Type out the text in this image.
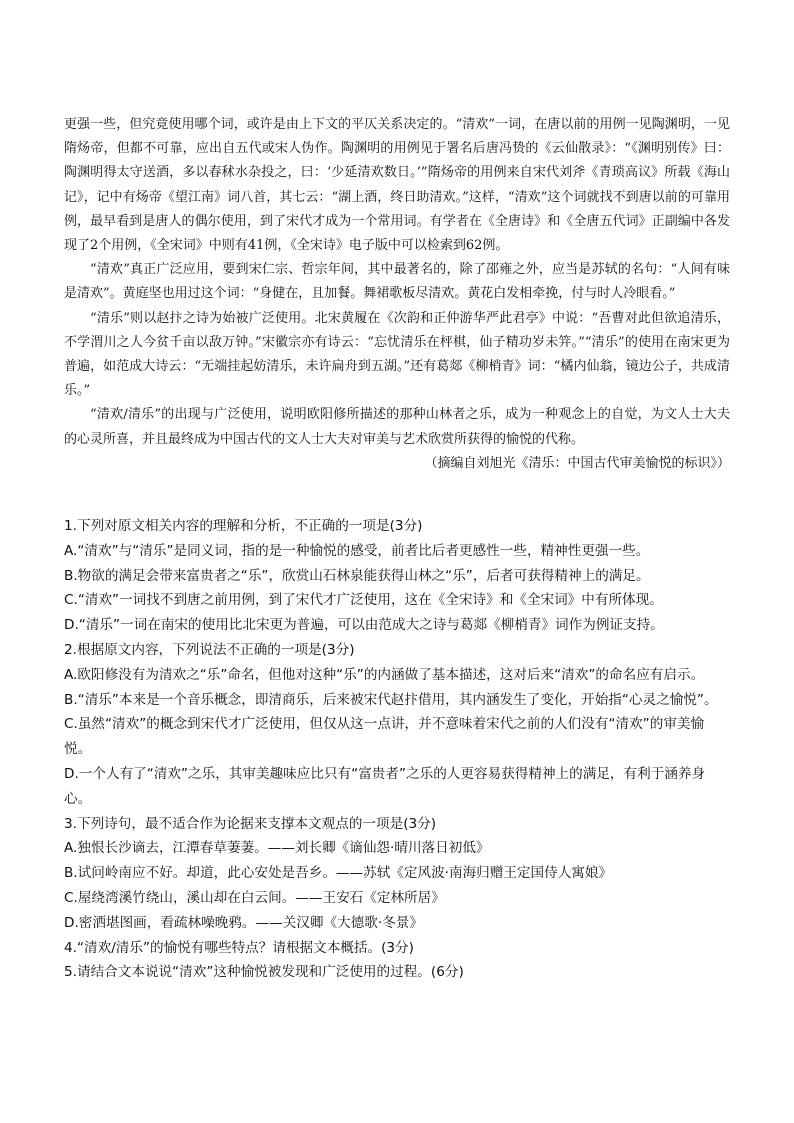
更强一些，但究竟使用哪个词，或许是由上下文的平仄关系决定的。“清欢”一词，在唐以前的用例一见陶渊明，一见隋炀帝，但都不可靠，应出自五代或宋人伪作。陶渊明的用例见于署名后唐冯贽的《云仙散录》：“《渊明别传》曰：陶渊明得太守送酒，多以春秫水杂投之，曰：‘少延清欢数日。’”隋炀帝的用例来自宋代刘斧《青琐高议》所载《海山记》，记中有炀帝《望江南》词八首，其七云：“湖上酒，终日助清欢。”这样，“清欢”这个词就找不到唐以前的可靠用例，最早看到是唐人的偶尔使用，到了宋代才成为一个常用词。有学者在《全唐诗》和《全唐五代词》正副编中各发现了2个用例，《全宋词》中则有41例，《全宋诗》电子版中可以检索到62例。

“清欢”真正广泛应用，要到宋仁宗、哲宗年间，其中最著名的，除了邵雍之外，应当是苏轼的名句：“人间有味是清欢”。黄庭坚也用过这个词：“身健在，且加餐。舞裙歌板尽清欢。黄花白发相牵挽，付与时人冷眼看。”

“清乐”则以赵抃之诗为始被广泛使用。北宋黄履在《次韵和正仲游华严此君亭》中说：“吾曹对此但欲追清乐，不学渭川之人今贫千亩以敌万钟。”宋徽宗亦有诗云：“忘忧清乐在枰棋，仙子精功岁未笄。”“清乐”的使用在南宋更为普遍，如范成大诗云：“无端挂起妨清乐，未许扁舟到五湖。”还有葛郯《柳梢青》词：“橘内仙翁，镜边公子，共成清乐。”

“清欢/清乐”的出现与广泛使用，说明欧阳修所描述的那种山林者之乐，成为一种观念上的自觉，为文人士大夫的心灵所喜，并且最终成为中国古代的文人士大夫对审美与艺术欣赏所获得的愉悦的代称。

（摘编自刘旭光《清乐：中国古代审美愉悦的标识》）

1.下列对原文相关内容的理解和分析，不正确的一项是(3分)

A.“清欢”与“清乐”是同义词，指的是一种愉悦的感受，前者比后者更感性一些，精神性更强一些。

B.物欲的满足会带来富贵者之“乐”，欣赏山石林泉能获得山林之“乐”，后者可获得精神上的满足。

C.“清欢”一词找不到唐之前用例，到了宋代才广泛使用，这在《全宋诗》和《全宋词》中有所体现。

D.“清乐”一词在南宋的使用比北宋更为普遍，可以由范成大之诗与葛郯《柳梢青》词作为例证支持。

2.根据原文内容，下列说法不正确的一项是(3分)

A.欧阳修没有为清欢之“乐”命名，但他对这种“乐”的内涵做了基本描述，这对后来“清欢”的命名应有启示。

B.“清乐”本来是一个音乐概念，即清商乐，后来被宋代赵抃借用，其内涵发生了变化，开始指“心灵之愉悦”。

C.虽然“清欢”的概念到宋代才广泛使用，但仅从这一点讲，并不意味着宋代之前的人们没有“清欢”的审美愉悦。

D.一个人有了“清欢”之乐，其审美趣味应比只有“富贵者”之乐的人更容易获得精神上的满足，有利于涵养身心。

3.下列诗句，最不适合作为论据来支撑本文观点的一项是(3分)

A.独恨长沙谪去，江潭春草萋萋。——刘长卿《谪仙怨·晴川落日初低》

B.试问岭南应不好。却道，此心安处是吾乡。——苏轼《定风波·南海归赠王定国侍人寓娘》

C.屋绕湾溪竹绕山，溪山却在白云间。——王安石《定林所居》

D.密洒堪图画，看疏林噪晚鸦。——关汉卿《大德歌·冬景》

4.“清欢/清乐”的愉悦有哪些特点？请根据文本概括。(3分)

5.请结合文本说说“清欢”这种愉悦被发现和广泛使用的过程。(6分)
